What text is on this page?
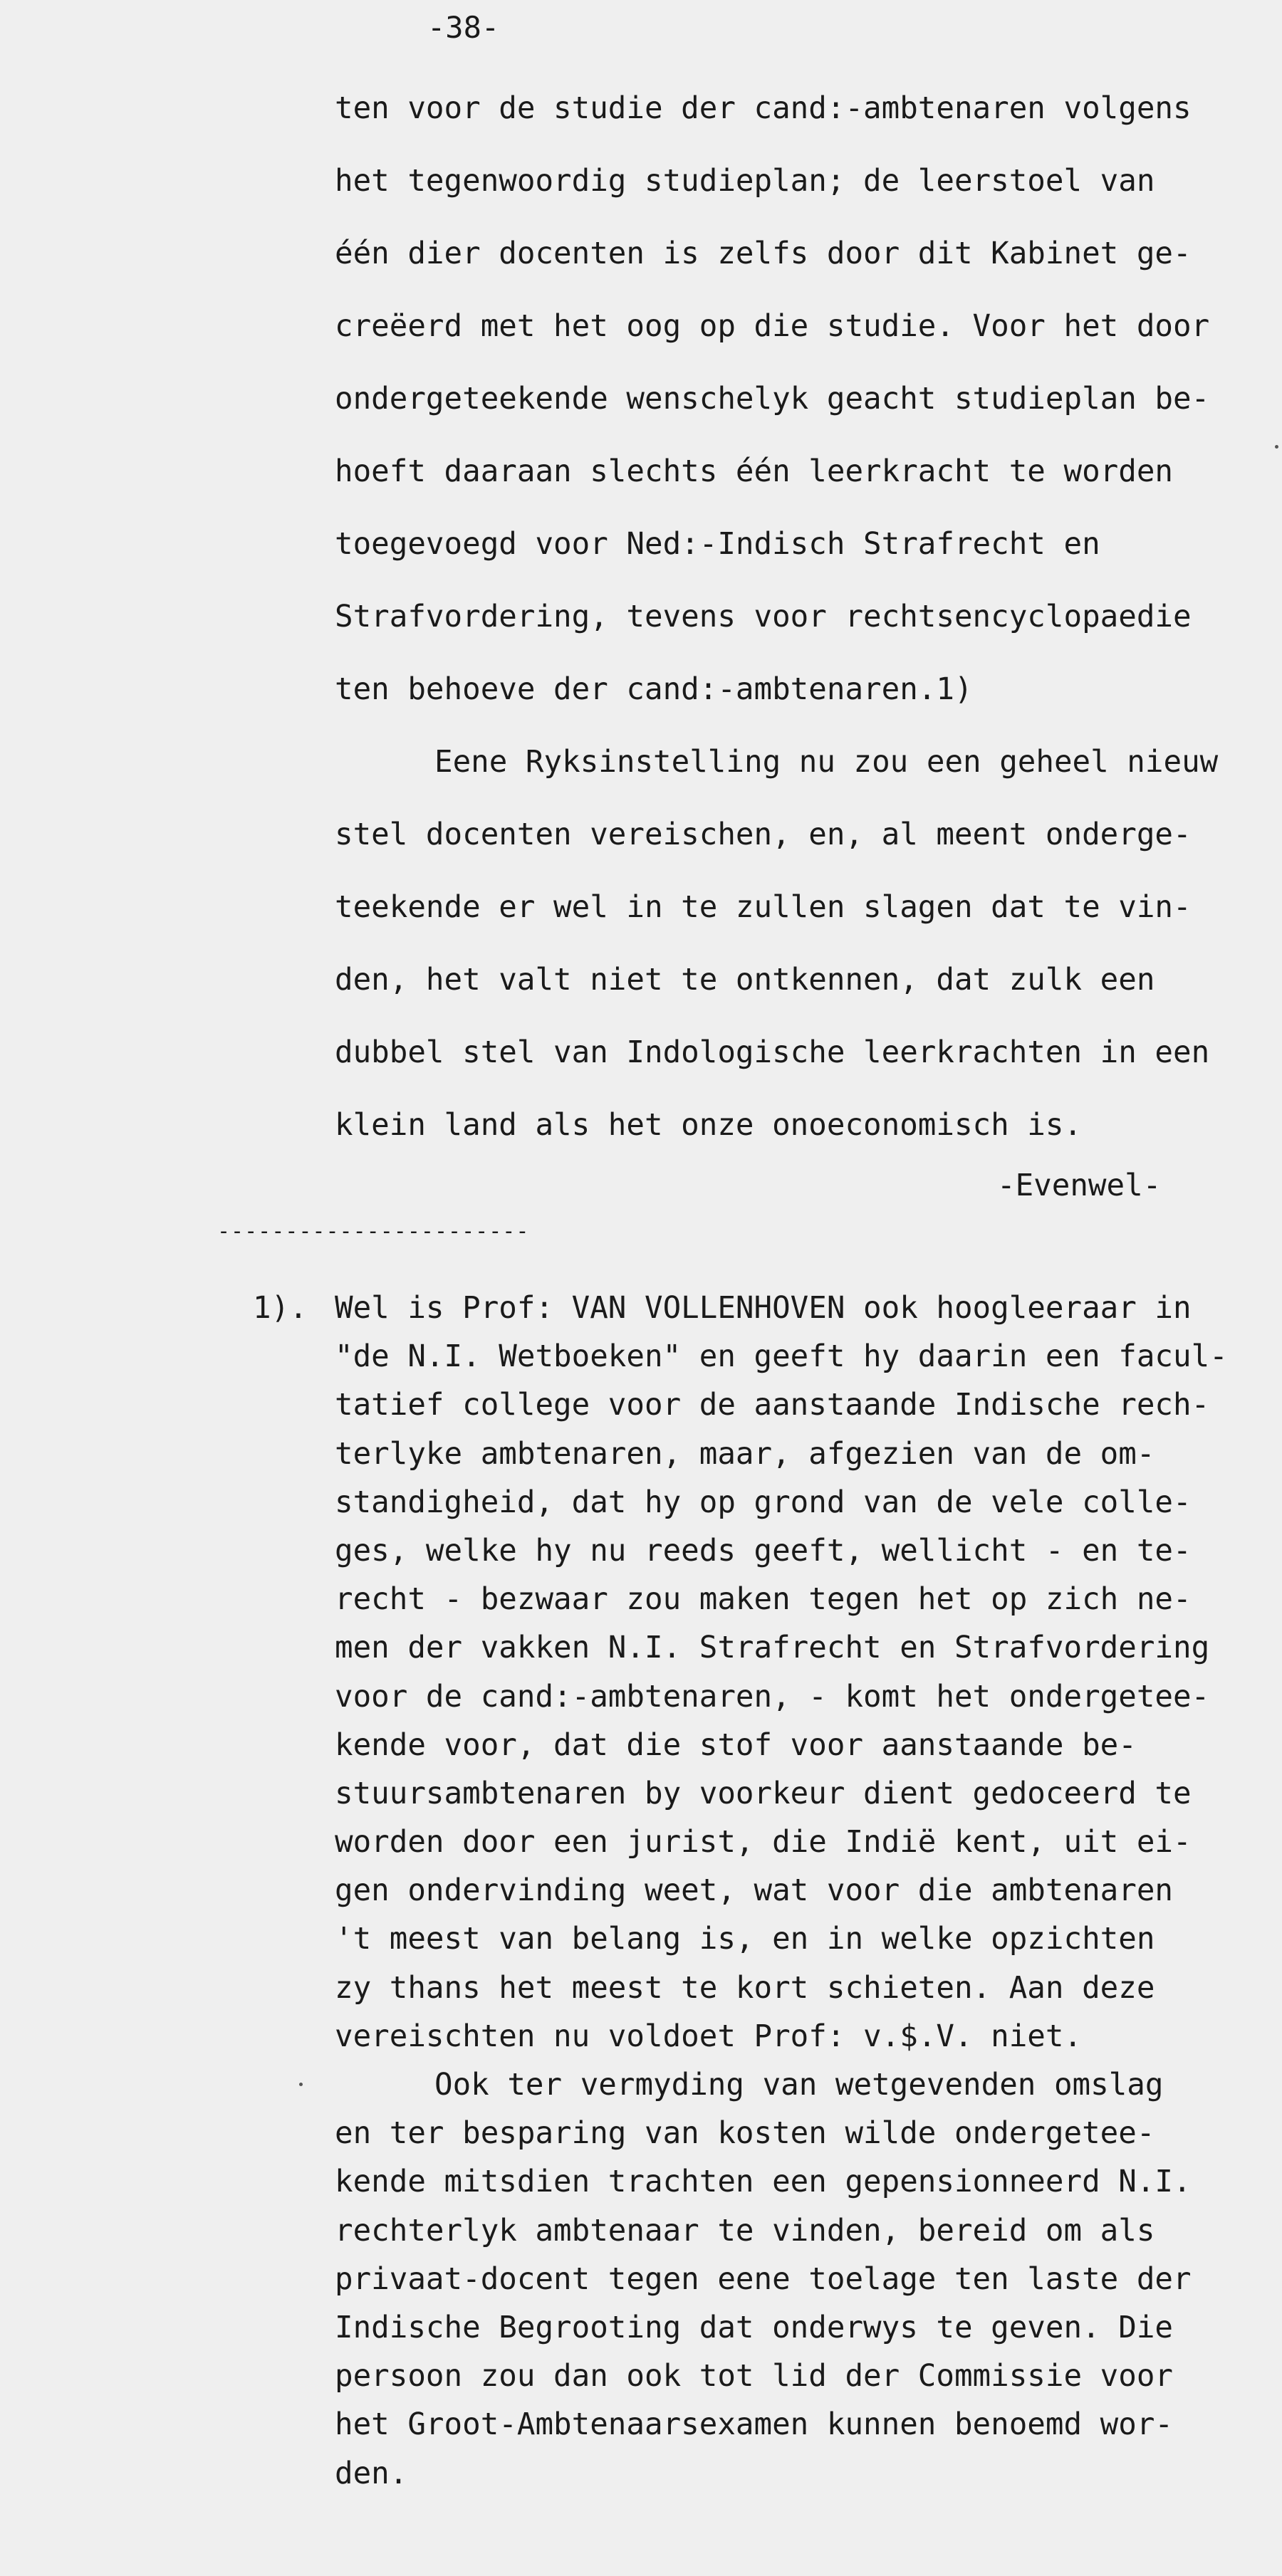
-38-
ten voor de studie der cand:-ambtenaren volgens
het tegenwoordig studieplan; de leerstoel van
één dier docenten is zelfs door dit Kabinet ge-
creëerd met het oog op die studie. Voor het door
ondergeteekende wenschelyk geacht studieplan be-
hoeft daaraan slechts één leerkracht te worden
toegevoegd voor Ned:-Indisch Strafrecht en
Strafvordering, tevens voor rechtsencyclopaedie
ten behoeve der cand:-ambtenaren.1)
Eene Ryksinstelling nu zou een geheel nieuw
stel docenten vereischen, en, al meent onderge-
teekende er wel in te zullen slagen dat te vin-
den, het valt niet te ontkennen, dat zulk een
dubbel stel van Indologische leerkrachten in een
klein land als het onze onoeconomisch is.
-Evenwel-
-----------------------
1). Wel is Prof: VAN VOLLENHOVEN ook hoogleeraar in
"de N.I. Wetboeken" en geeft hy daarin een facul-
tatief college voor de aanstaande Indische rech-
terlyke ambtenaren, maar, afgezien van de om-
standigheid, dat hy op grond van de vele colle-
ges, welke hy nu reeds geeft, wellicht - en te-
recht - bezwaar zou maken tegen het op zich ne-
men der vakken N.I. Strafrecht en Strafvordering
voor de cand:-ambtenaren, - komt het ondergetee-
kende voor, dat die stof voor aanstaande be-
stuursambtenaren by voorkeur dient gedoceerd te
worden door een jurist, die Indië kent, uit ei-
gen ondervinding weet, wat voor die ambtenaren
't meest van belang is, en in welke opzichten
zy thans het meest te kort schieten. Aan deze
vereischten nu voldoet Prof: v.$.V. niet.
Ook ter vermyding van wetgevenden omslag
en ter besparing van kosten wilde ondergetee-
kende mitsdien trachten een gepensionneerd N.I.
rechterlyk ambtenaar te vinden, bereid om als
privaat-docent tegen eene toelage ten laste der
Indische Begrooting dat onderwys te geven. Die
persoon zou dan ook tot lid der Commissie voor
het Groot-Ambtenaarsexamen kunnen benoemd wor-
den.
